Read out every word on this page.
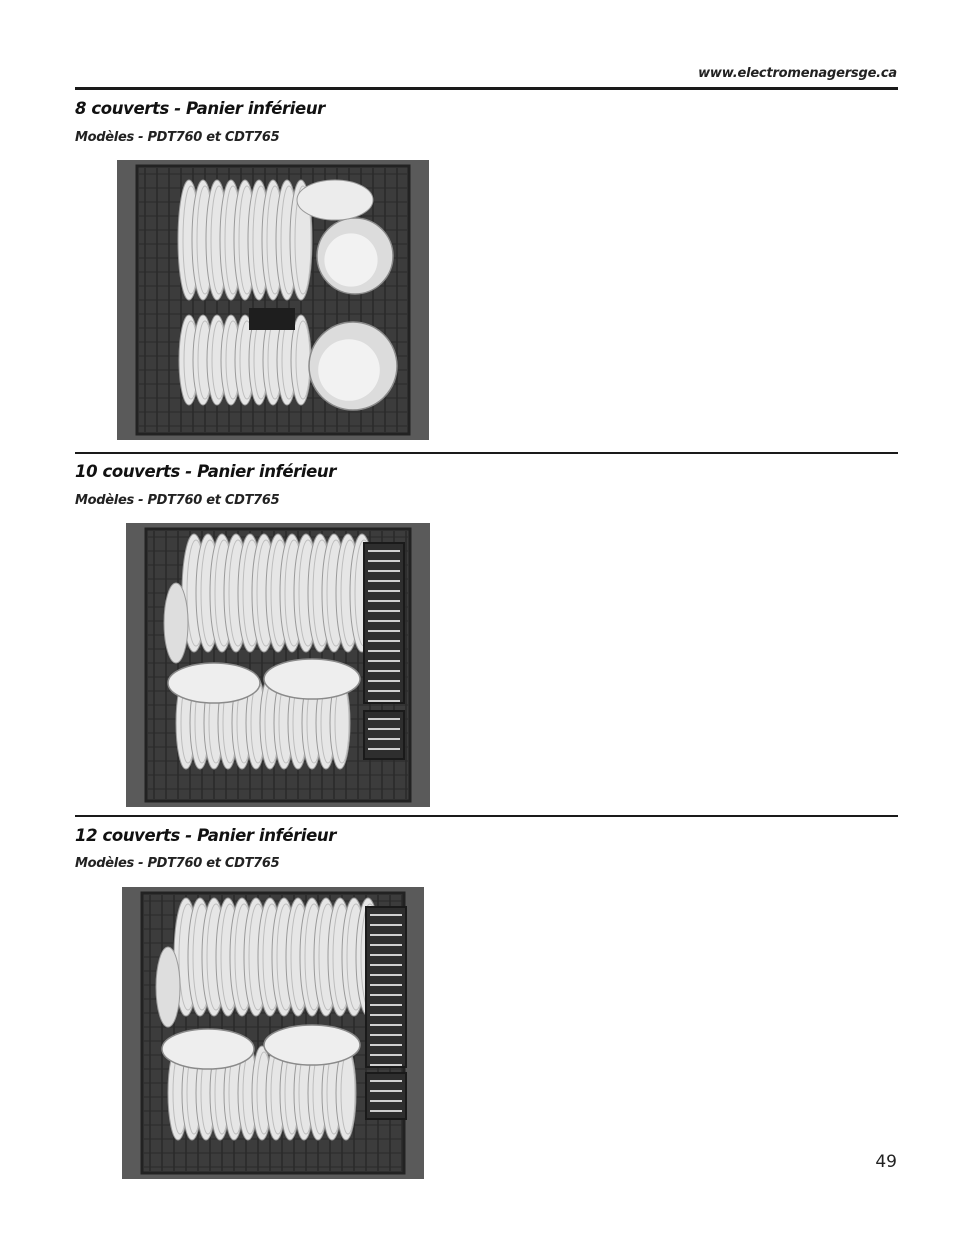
www.electromenagersge.ca
8 couverts - Panier inférieur
Modèles - PDT760 et CDT765
10 couverts - Panier inférieur
Modèles - PDT760 et CDT765
12 couverts - Panier inférieur
Modèles - PDT760 et CDT765
49
